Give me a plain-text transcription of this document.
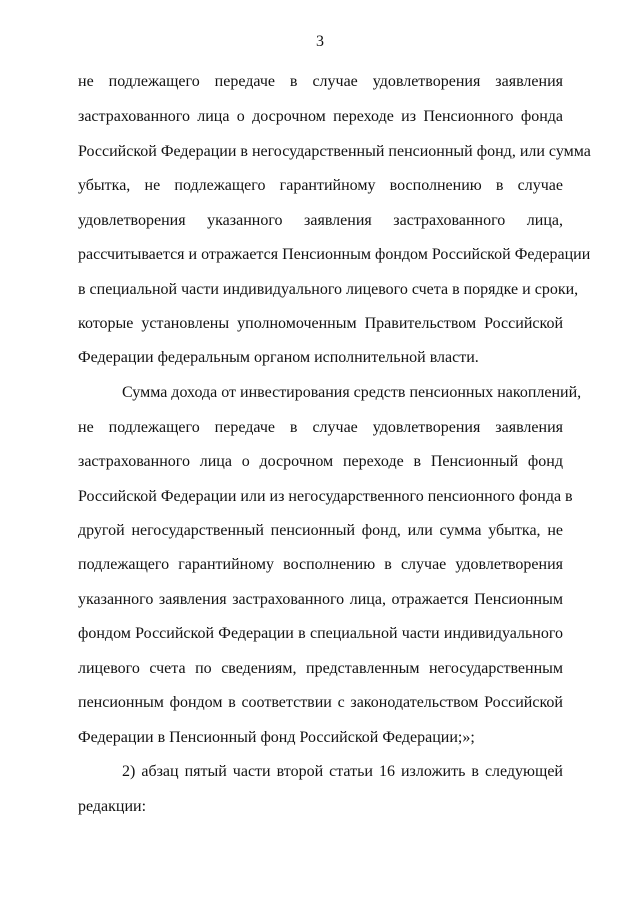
3
не подлежащего передаче в случае удовлетворения заявления
застрахованного лица о досрочном переходе из Пенсионного фонда
Российской Федерации в негосударственный пенсионный фонд, или сумма
убытка, не подлежащего гарантийному восполнению в случае
удовлетворения указанного заявления застрахованного лица,
рассчитывается и отражается Пенсионным фондом Российской Федерации
в специальной части индивидуального лицевого счета в порядке и сроки,
которые установлены уполномоченным Правительством Российской
Федерации федеральным органом исполнительной власти.
Сумма дохода от инвестирования средств пенсионных накоплений,
не подлежащего передаче в случае удовлетворения заявления
застрахованного лица о досрочном переходе в Пенсионный фонд
Российской Федерации или из негосударственного пенсионного фонда в
другой негосударственный пенсионный фонд, или сумма убытка, не
подлежащего гарантийному восполнению в случае удовлетворения
указанного заявления застрахованного лица, отражается Пенсионным
фондом Российской Федерации в специальной части индивидуального
лицевого счета по сведениям, представленным негосударственным
пенсионным фондом в соответствии с законодательством Российской
Федерации в Пенсионный фонд Российской Федерации;»;
2) абзац пятый части второй статьи 16 изложить в следующей
редакции:
